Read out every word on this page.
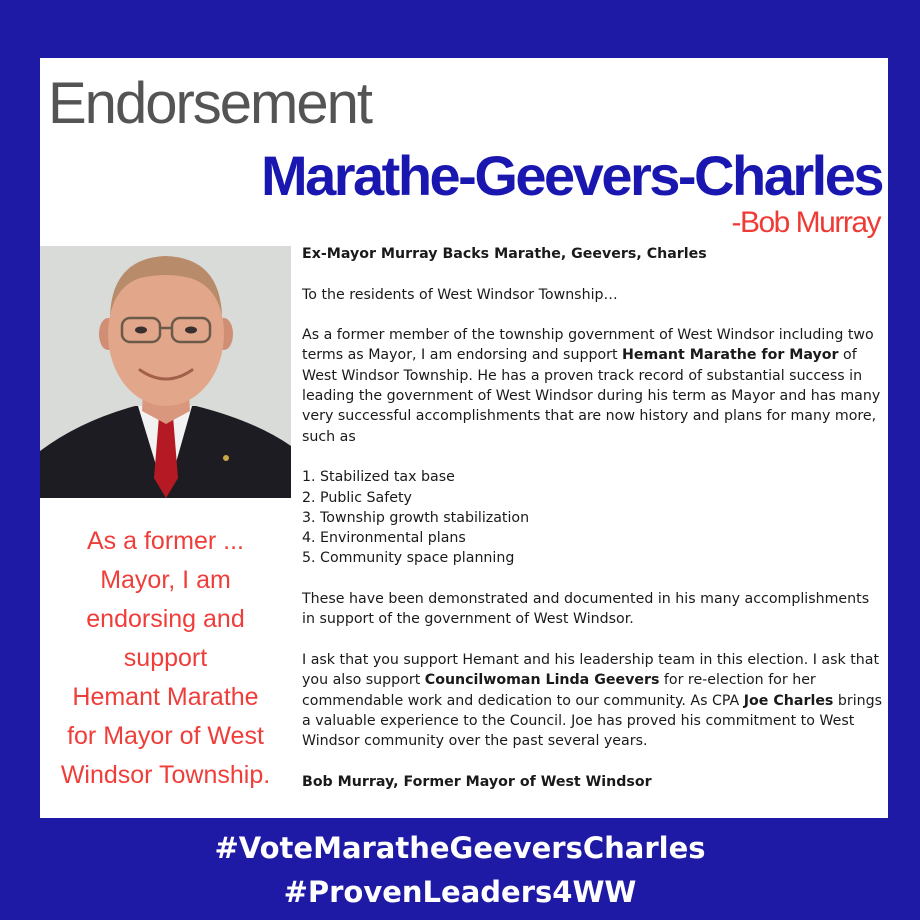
Endorsement
Marathe-Geevers-Charles
-Bob Murray
As a former ...
Mayor, I am
endorsing and
support
Hemant Marathe
for Mayor of West
Windsor Township.

Ex-Mayor Murray Backs Marathe, Geevers, Charles

To the residents of West Windsor Township…

As a former member of the township government of West Windsor including two terms as Mayor, I am endorsing and support Hemant Marathe for Mayor of West Windsor Township. He has a proven track record of substantial success in leading the government of West Windsor during his term as Mayor and has many very successful accomplishments that are now history and plans for many more, such as

1. Stabilized tax base
2. Public Safety
3. Township growth stabilization
4. Environmental plans
5. Community space planning

These have been demonstrated and documented in his many accomplishments in support of the government of West Windsor.

I ask that you support Hemant and his leadership team in this election. I ask that you also support Councilwoman Linda Geevers for re-election for her commendable work and dedication to our community. As CPA Joe Charles brings a valuable experience to the Council. Joe has proved his commitment to West Windsor community over the past several years.

Bob Murray, Former Mayor of West Windsor

#VoteMaratheGeeversCharles
#ProvenLeaders4WW
